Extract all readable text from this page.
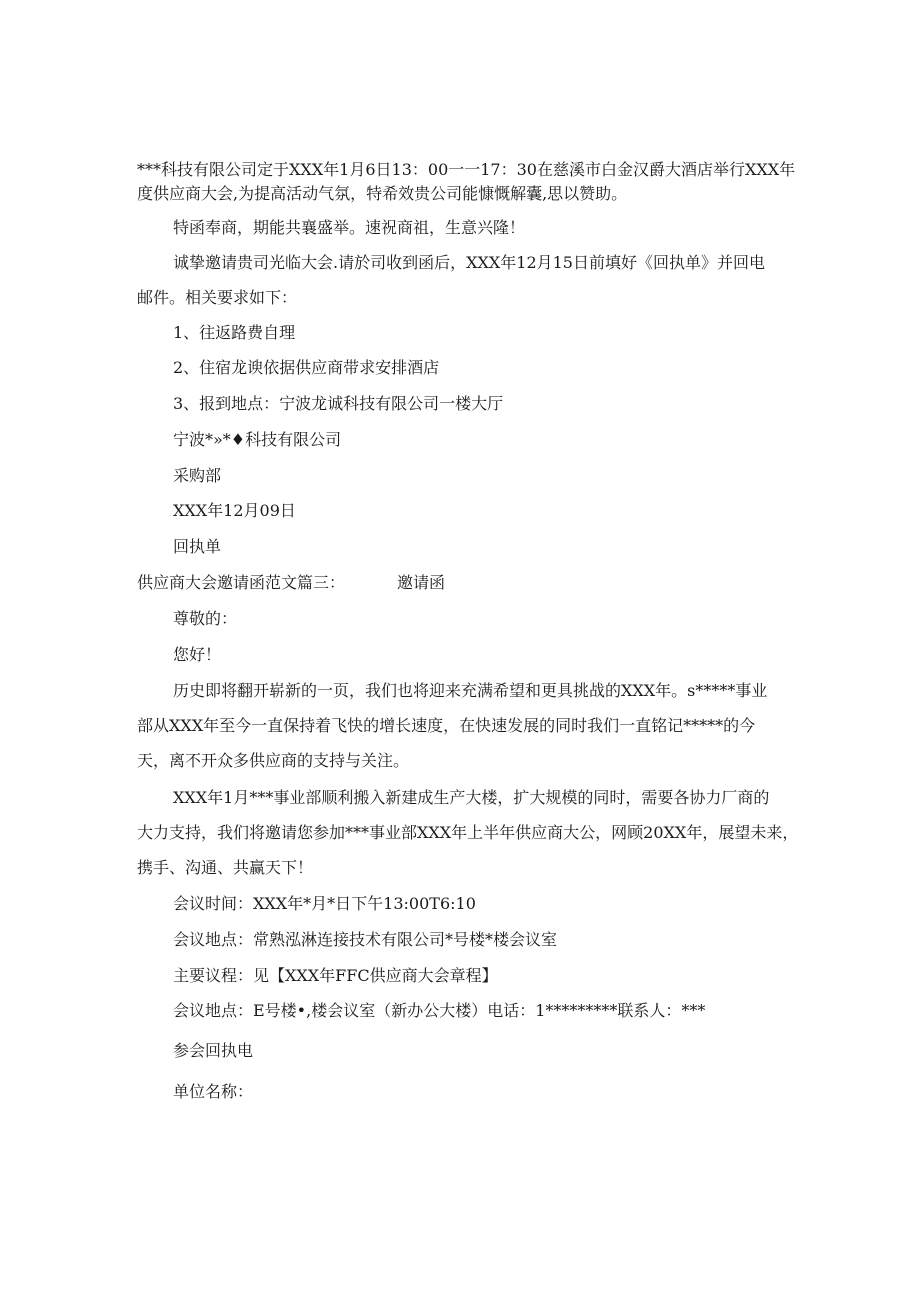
***科技有限公司定于XXX年1月6日13：00一一17：30在慈溪市白金汉爵大酒店举行XXX年
度供应商大会,为提高活动气氛，特希效贵公司能慷慨解囊,思以赞助。
特函奉商，期能共襄盛举。速祝商祖，生意兴隆！
诚挚邀请贵司光临大会.请於司收到函后，XXX年12月15日前填好《回执单》并回电
邮件。相关要求如下：
1、往返路费自理
2、住宿龙谀依据供应商带求安排酒店
3、报到地点：宁波龙诚科技有限公司一楼大厅
宁波*»*♦科技有限公司
采购部
XXX年12月09日
回执单
供应商大会邀请函范文篇三：	邀请函
尊敬的：
您好！
历史即将翻开崭新的一页，我们也将迎来充满希望和更具挑战的XXX年。s*****事业
部从XXX年至今一直保持着飞快的增长速度，在快速发展的同时我们一直铭记*****的今
天，离不开众多供应商的支持与关注。
XXX年1月***事业部顺利搬入新建成生产大楼，扩大规模的同时，需要各协力厂商的
大力支持，我们将邀请您参加***事业部XXX年上半年供应商大公，网顾20XX年，展望未来，
携手、沟通、共赢天下！
会议时间：XXX年*月*日下午13:00T6:10
会议地点：常熟泓淋连接技术有限公司*号楼*楼会议室
主要议程：见【XXX年FFC供应商大会章程】
会议地点：E号楼•,楼会议室（新办公大楼）电话：1*********联系人：***
参会回执电
单位名称：
